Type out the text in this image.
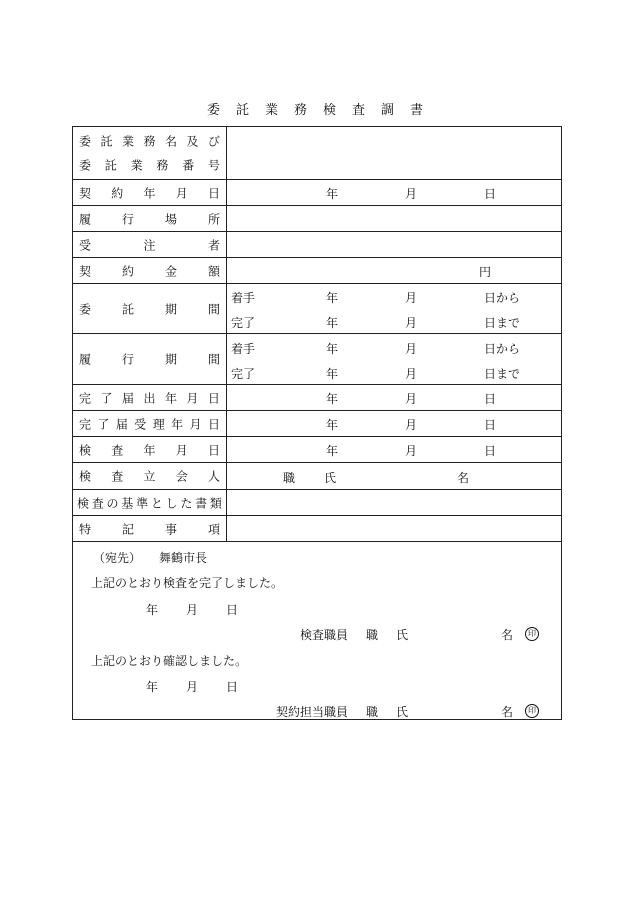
委 託 業 務 検 査 調 書
委 託 業 務 名 及 び
委 託 業 務 番 号
契 約 年 月 日	年	月	日
履	行	場	所
受	注	者
契	約	金	額	円
委	託	期	間
着手	年	月	日から
完了	年	月	日まで
履	行	期	間
着手	年	月	日から
完了	年	月	日まで
完 了 届 出 年 月 日	年	月	日
完 了 届 受 理 年 月 日	年	月	日
検 査 年 月 日	年	月	日
検 査 立 会 人	職 氏	名
検 査 の 基 準 と し た 書 類
特	記	事	項
（宛先） 舞鶴市長
上記のとおり検査を完了しました。
年 月 日
検査職員 職 氏	名	印
上記のとおり確認しました。
年 月 日
契約担当職員 職 氏	名	印
